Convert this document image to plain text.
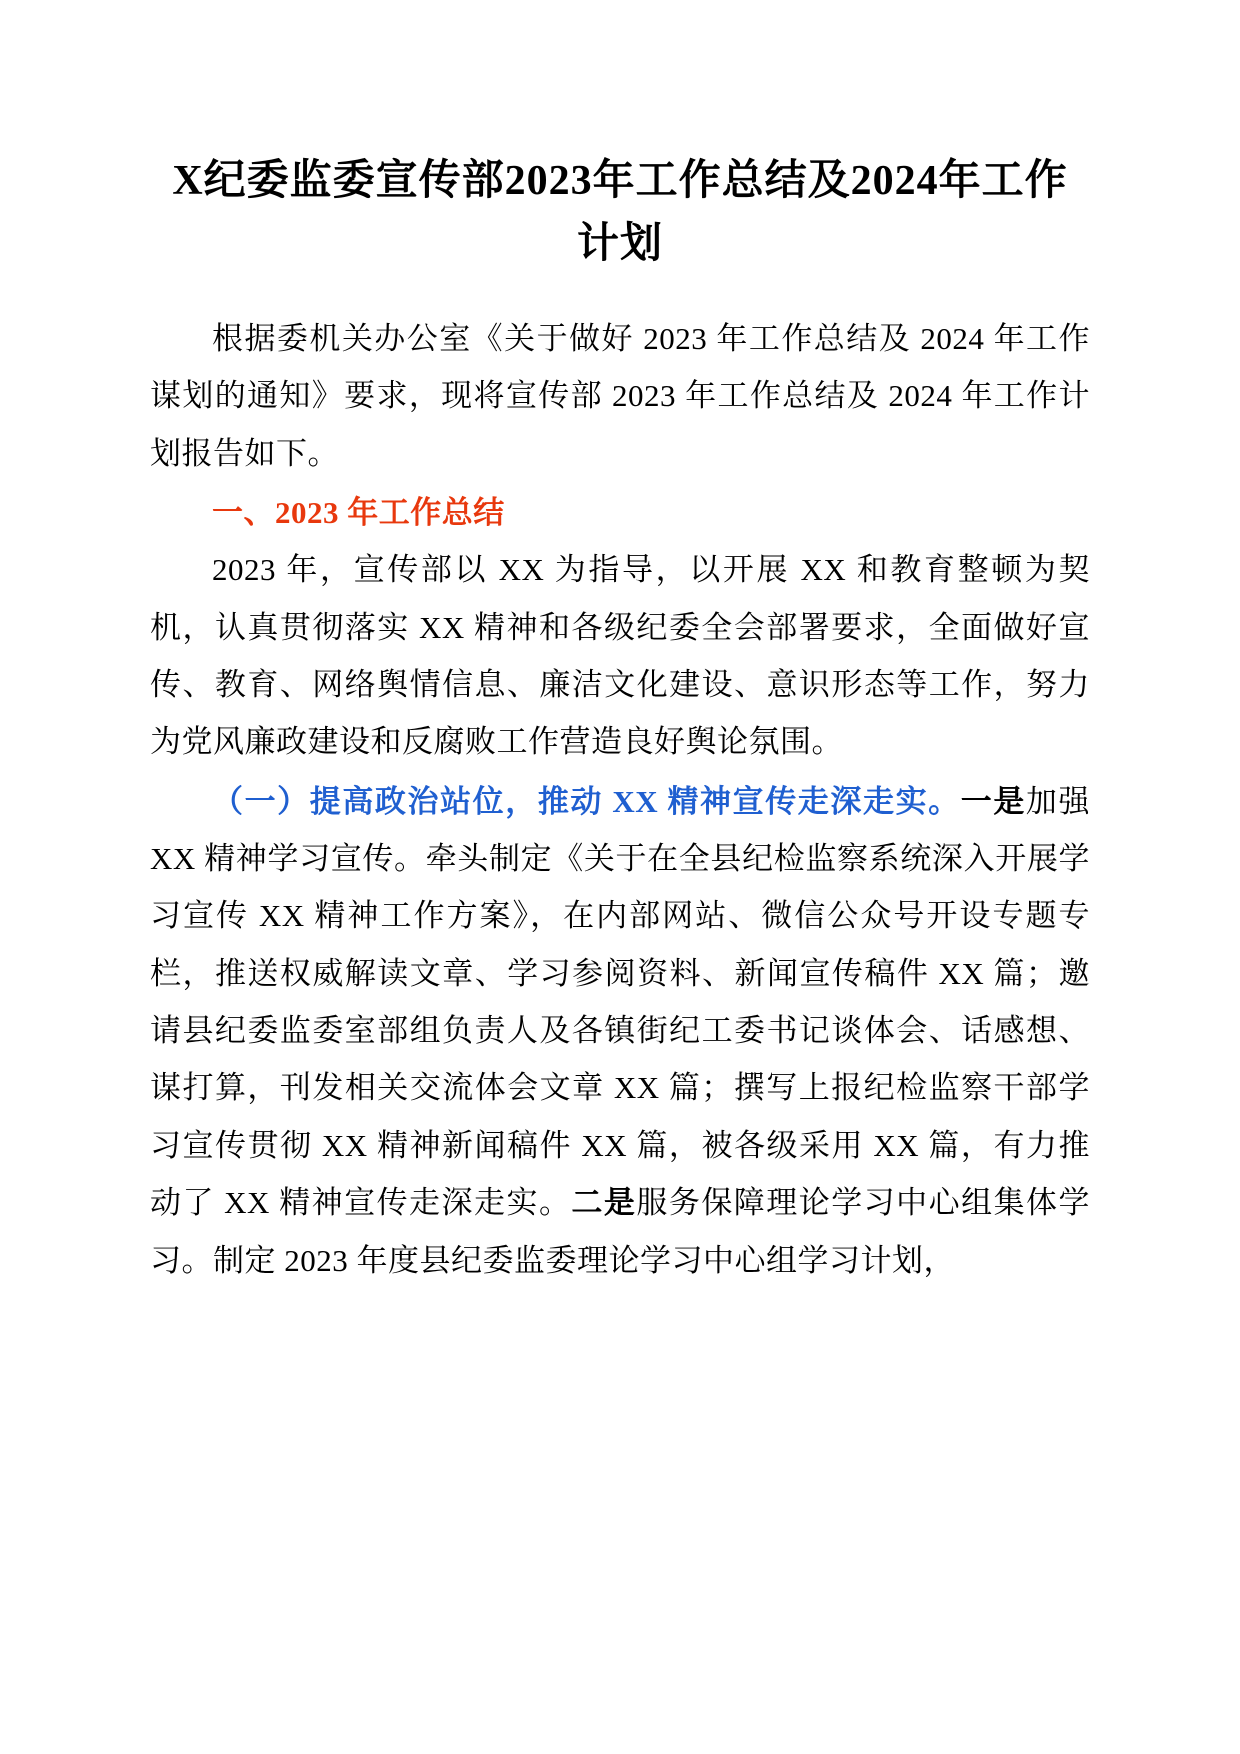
X纪委监委宣传部2023年工作总结及2024年工作计划

根据委机关办公室《关于做好 2023 年工作总结及 2024 年工作谋划的通知》要求，现将宣传部 2023 年工作总结及 2024 年工作计划报告如下。

一、2023 年工作总结

2023 年，宣传部以 XX 为指导，以开展 XX 和教育整顿为契机，认真贯彻落实 XX 精神和各级纪委全会部署要求，全面做好宣传、教育、网络舆情信息、廉洁文化建设、意识形态等工作，努力为党风廉政建设和反腐败工作营造良好舆论氛围。

（一）提高政治站位，推动 XX 精神宣传走深走实。一是加强 XX 精神学习宣传。牵头制定《关于在全县纪检监察系统深入开展学习宣传 XX 精神工作方案》，在内部网站、微信公众号开设专题专栏，推送权威解读文章、学习参阅资料、新闻宣传稿件 XX 篇；邀请县纪委监委室部组负责人及各镇街纪工委书记谈体会、话感想、谋打算，刊发相关交流体会文章 XX 篇；撰写上报纪检监察干部学习宣传贯彻 XX 精神新闻稿件 XX 篇，被各级采用 XX 篇，有力推动了 XX 精神宣传走深走实。二是服务保障理论学习中心组集体学习。制定 2023 年度县纪委监委理论学习中心组学习计划，
